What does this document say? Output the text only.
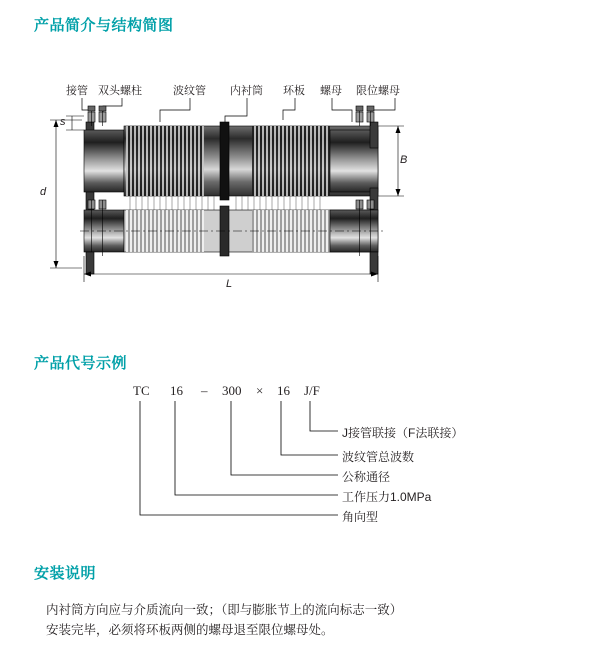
产品简介与结构简图
产品代号示例
安装说明
接管 双头螺柱	波纹管 内衬筒 环板 螺母 限位螺母
s
d
B
L
TC 16 – 300 × 16 J/F
J接管联接（F法联接）
波纹管总波数
公称通径
工作压力1.0MPa
角向型
内衬筒方向应与介质流向一致；（即与膨胀节上的流向标志一致）
安装完毕，必须将环板两侧的螺母退至限位螺母处。
